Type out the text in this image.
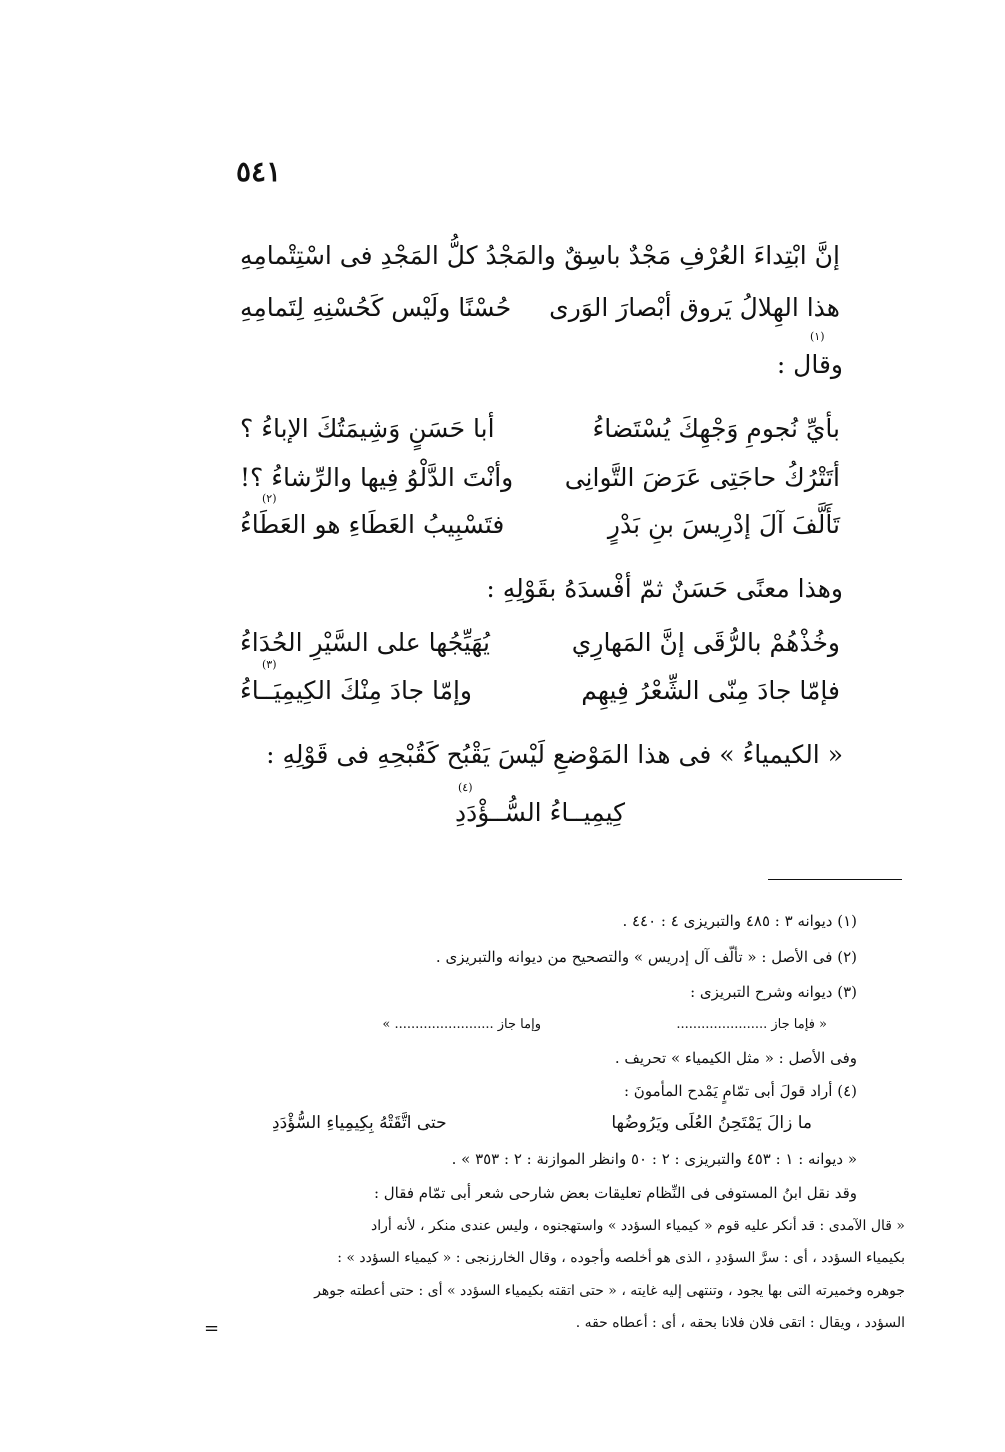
٥٤١
إنَّ ابْتِداءَ العُرْفِ مَجْدٌ باسِقٌ
والمَجْدُ كلُّ المَجْدِ فى اسْتِتْمامِهِ
هذا الهِلالُ يَروق أبْصارَ الوَرى
حُسْنًا ولَيْس كَحُسْنِهِ لِتَمامِهِ
(١)
وقال :
بأيِّ نُجومِ وَجْهِكَ يُسْتَضاءُ
أبا حَسَنٍ وَشِيمَتُكَ الإباءُ ؟
أتَتْرُكُ حاجَتِى عَرَضَ التَّوانِى
وأنْتَ الدَّلْوُ فِيها والرِّشاءُ ؟!
(٢)
تَأَلَّفَ آلَ إدْرِيسَ بنِ بَدْرٍ
فتَسْبِيبُ العَطَاءِ هو العَطَاءُ
وهذا معنًى حَسَنٌ ثمّ أفْسدَهُ بقَوْلِهِ :
وخُذْهُمْ بالرُّقَى إنَّ المَهارِي
يُهَيِّجُها على السَّيْرِ الحُدَاءُ
(٣)
فإمّا جادَ مِنّى الشِّعْرُ فِيهِم
وإمّا جادَ مِنْكَ الكِيمِيَــاءُ
« الكيمياءُ » فى هذا المَوْضعِ لَيْسَ يَقْبُح كَقُبْحِهِ فى قَوْلِهِ :
(٤)
كِيمِيــاءُ السُّــؤْدَدِ
(١) ديوانه ٣ : ٤٨٥ والتبريزى ٤ : ٤٤٠ .
(٢) فى الأصل : « تألّف آل إدريس » والتصحيح من ديوانه والتبريزى .
(٣) ديوانه وشرح التبريزى :
« فإما جاز ......................
وإما جاز ........................ »
وفى الأصل : « مثل الكيمياء » تحريف .
(٤) أراد قولَ أبى تمّامٍ يَمْدح المأمونَ :
ما زالَ يَمْتَحِنُ العُلَى ويَرُوضُها
حتى اتَّقَتْهُ بِكِيمِياءِ السُّؤْدَدِ
« ديوانه : ١ : ٤٥٣ والتبريزى : ٢ : ٥٠ وانظر الموازنة : ٢ : ٣٥٣ » .
وقد نقل ابنُ المستوفى فى النِّظام تعليقات بعض شارحى شعر أبى تمّام فقال :
« قال الآمدى : قد أنكر عليه قوم « كيمياء السؤدد » واستهجنوه ، وليس عندى منكر ، لأنه أراد
بكيمياء السؤدد ، أى : سرَّ السؤددِ ، الذى هو أخلصه وأجوده ، وقال الخارزنجى : « كيمياء السؤدد » :
جوهره وخميرته التى بها يجود ، وتنتهى إليه غايته ، « حتى اتقته بكيمياء السؤدد » أى : حتى أعطته جوهر
السؤدد ، ويقال : اتقى فلان فلانا بحقه ، أى : أعطاه حقه .
=
